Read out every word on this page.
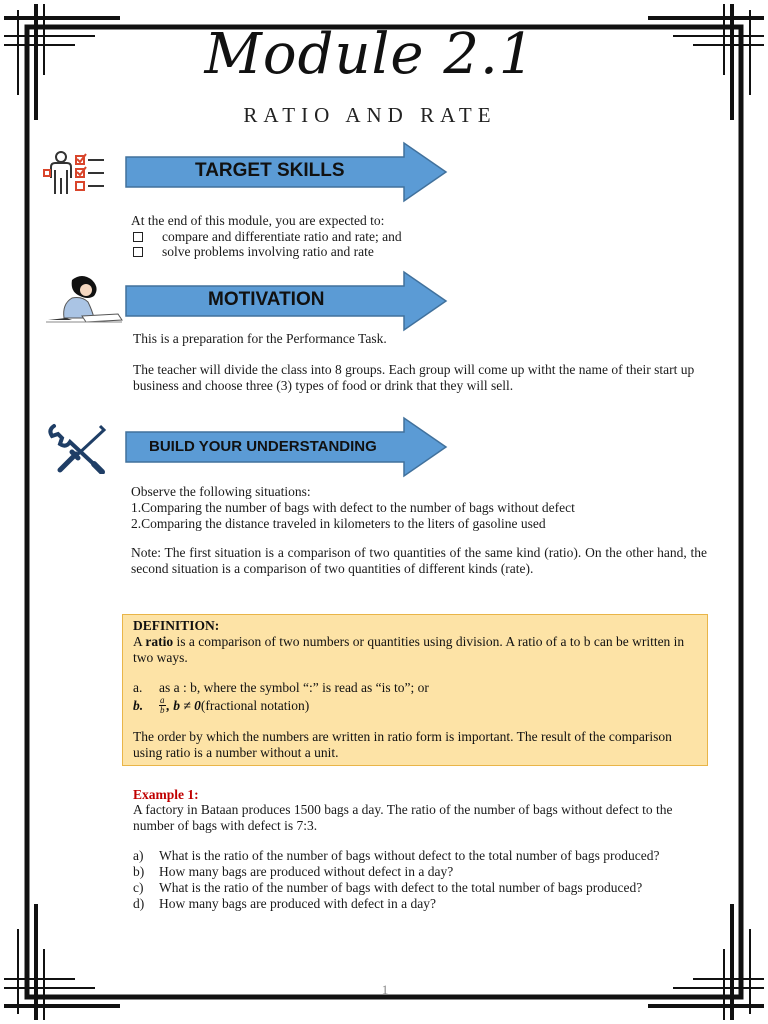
Module 2.1
RATIO AND RATE
TARGET SKILLS
At the end of this module, you are expected to:
compare and differentiate ratio and rate; and
solve problems involving ratio and rate
MOTIVATION
This is a preparation for the Performance Task.
The teacher will divide the class into 8 groups. Each group will come up witht the name of their start up business and choose three (3) types of food or drink that they will sell.
BUILD YOUR UNDERSTANDING
Observe the following situations:
1.Comparing the number of bags with defect to the number of bags without defect
2.Comparing the distance traveled in kilometers to the liters of gasoline used
Note: The first situation is a comparison of two quantities of the same kind (ratio). On the other hand, the second situation is a comparison of two quantities of different kinds (rate).
DEFINITION:
A ratio is a comparison of two numbers or quantities using division. A ratio of a to b can be written in two ways.
a.	as a : b, where the symbol “:” is read as “is to”; or
b.	a
b , b ≠ 0 (fractional notation)
The order by which the numbers are written in ratio form is important. The result of the comparison using ratio is a number without a unit.
Example 1:
A factory in Bataan produces 1500 bags a day. The ratio of the number of bags without defect to the number of bags with defect is 7:3.
a)	What is the ratio of the number of bags without defect to the total number of bags produced?
b)	How many bags are produced without defect in a day?
c)	What is the ratio of the number of bags with defect to the total number of bags produced?
d)	How many bags are produced with defect in a day?
1
